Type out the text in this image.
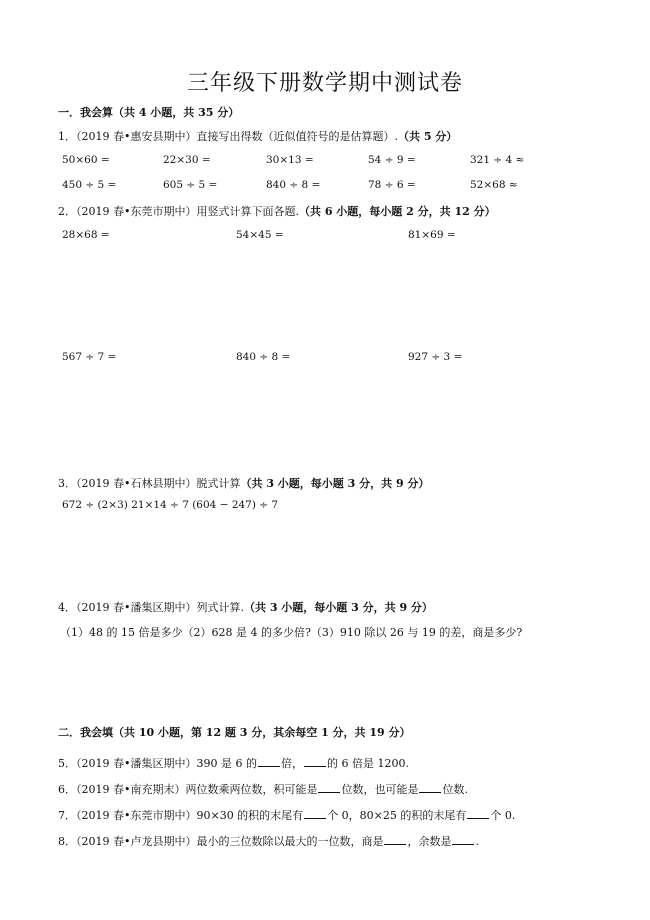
三年级下册数学期中测试卷
一．我会算（共 4 小题，共 35 分）
1．（2019 春•惠安县期中）直接写出得数（近似值符号的是估算题）.（共 5 分）
50×60 =	22×30 =	30×13 =	54 ÷ 9 =	321 ÷ 4 ≈
450 ÷ 5 =	605 ÷ 5 =	840 ÷ 8 =	78 ÷ 6 =	52×68 ≈
2．（2019 春•东莞市期中）用竖式计算下面各题.（共 6 小题，每小题 2 分，共 12 分）
28×68 =	54×45 =	81×69 =
567 ÷ 7 =	840 ÷ 8 =	927 ÷ 3 =
3．（2019 春•石林县期中）脱式计算（共 3 小题，每小题 3 分，共 9 分）
672 ÷ (2×3) 21×14 ÷ 7 (604 − 247) ÷ 7
4．（2019 春•潘集区期中）列式计算.（共 3 小题，每小题 3 分，共 9 分）
（1）48 的 15 倍是多少（2）628 是 4 的多少倍?（3）910 除以 26 与 19 的差，商是多少?
二．我会填（共 10 小题，第 12 题 3 分，其余每空 1 分，共 19 分）
5．（2019 春•潘集区期中）390 是 6 的 倍， 的 6 倍是 1200.
6．（2019 春•南充期末）两位数乘两位数，积可能是 位数，也可能是 位数.
7．（2019 春•东莞市期中）90×30 的积的末尾有 个 0，80×25 的积的末尾有 个 0.
8．（2019 春•卢龙县期中）最小的三位数除以最大的一位数，商是 ，余数是 .
